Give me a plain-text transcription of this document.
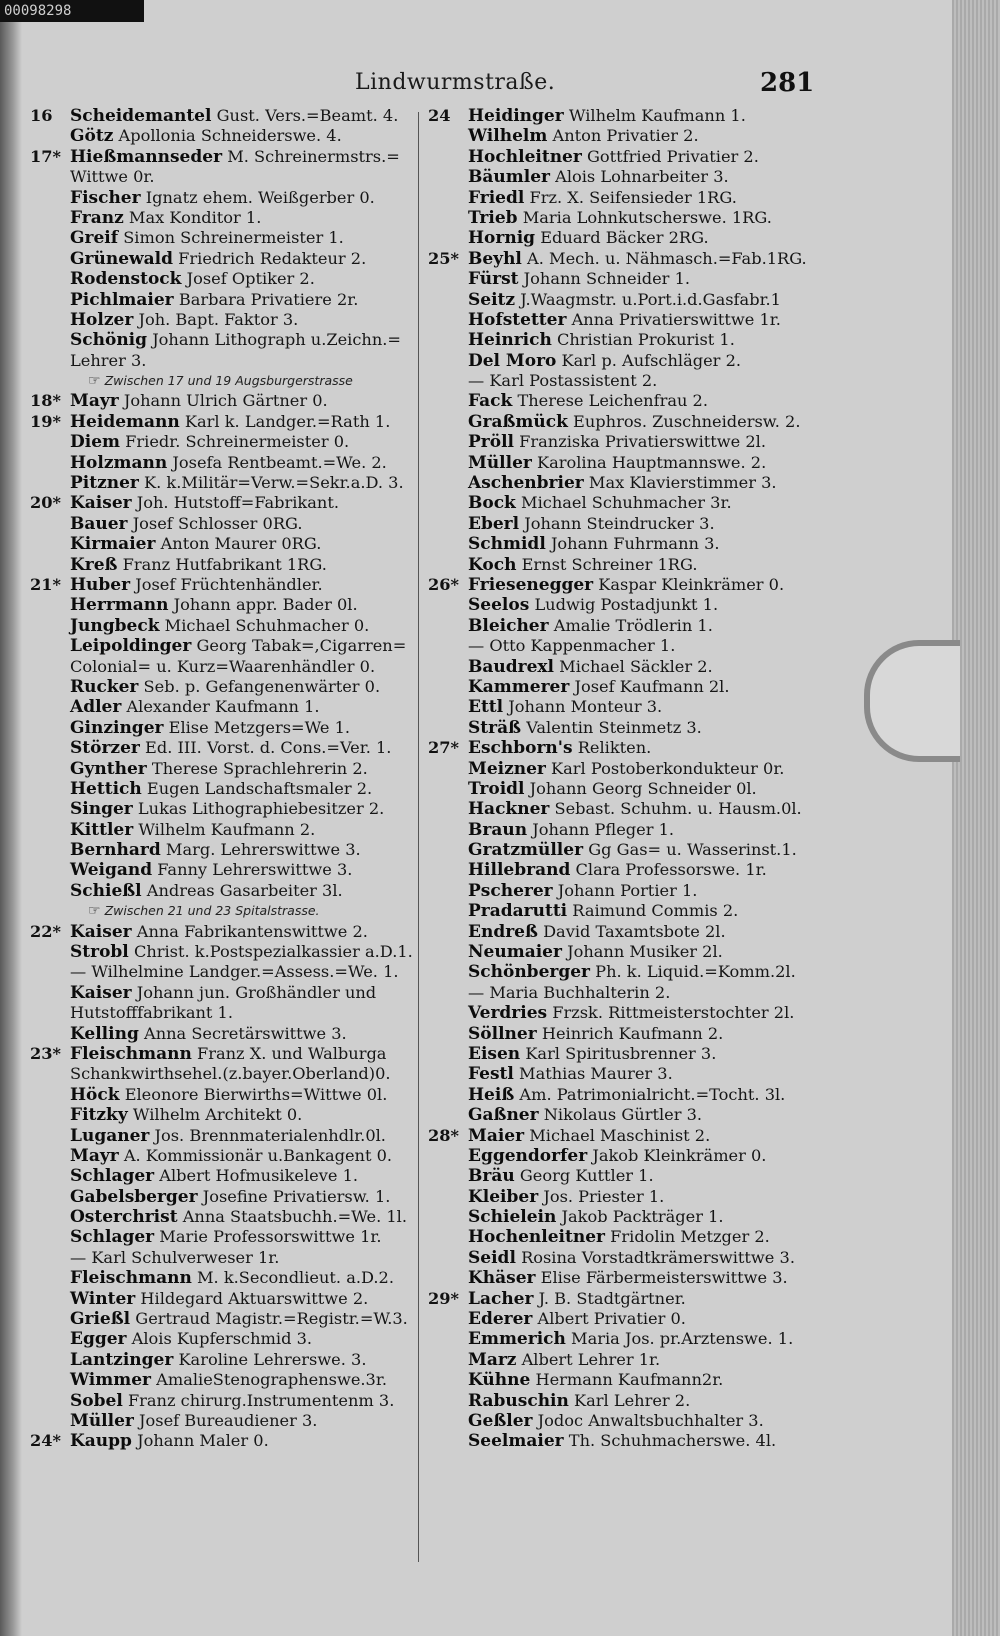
00098298
Lindwurmstraße.	281
16 Scheidemantel Gust. Vers.=Beamt. 4.
Götz Apollonia Schneiderswe. 4.
17* Hießmannseder M. Schreinermstrs.=
Wittwe 0r.
Fischer Ignatz ehem. Weißgerber 0.
Franz Max Konditor 1.
Greif Simon Schreinermeister 1.
Grünewald Friedrich Redakteur 2.
Rodenstock Josef Optiker 2.
Pichlmaier Barbara Privatiere 2r.
Holzer Joh. Bapt. Faktor 3.
Schönig Johann Lithograph u.Zeichn.=
Lehrer 3.
☞ Zwischen 17 und 19 Augsburgerstrasse
18* Mayr Johann Ulrich Gärtner 0.
19* Heidemann Karl k. Landger.=Rath 1.
Diem Friedr. Schreinermeister 0.
Holzmann Josefa Rentbeamt.=We. 2.
Pitzner K. k.Militär=Verw.=Sekr.a.D. 3.
20* Kaiser Joh. Hutstoff=Fabrikant.
Bauer Josef Schlosser 0RG.
Kirmaier Anton Maurer 0RG.
Kreß Franz Hutfabrikant 1RG.
21* Huber Josef Früchtenhändler.
Herrmann Johann appr. Bader 0l.
Jungbeck Michael Schuhmacher 0.
Leipoldinger Georg Tabak=,Cigarren=
Colonial= u. Kurz=Waarenhändler 0.
Rucker Seb. p. Gefangenenwärter 0.
Adler Alexander Kaufmann 1.
Ginzinger Elise Metzgers=We 1.
Störzer Ed. III. Vorst. d. Cons.=Ver. 1.
Gynther Therese Sprachlehrerin 2.
Hettich Eugen Landschaftsmaler 2.
Singer Lukas Lithographiebesitzer 2.
Kittler Wilhelm Kaufmann 2.
Bernhard Marg. Lehrerswittwe 3.
Weigand Fanny Lehrerswittwe 3.
Schießl Andreas Gasarbeiter 3l.
☞ Zwischen 21 und 23 Spitalstrasse.
22* Kaiser Anna Fabrikantenswittwe 2.
Strobl Christ. k.Postspezialkassier a.D.1.
— Wilhelmine Landger.=Assess.=We. 1.
Kaiser Johann jun. Großhändler und
Hutstofffabrikant 1.
Kelling Anna Secretärswittwe 3.
23* Fleischmann Franz X. und Walburga
Schankwirthsehel.(z.bayer.Oberland)0.
Höck Eleonore Bierwirths=Wittwe 0l.
Fitzky Wilhelm Architekt 0.
Luganer Jos. Brennmaterialenhdlr.0l.
Mayr A. Kommissionär u.Bankagent 0.
Schlager Albert Hofmusikeleve 1.
Gabelsberger Josefine Privatiersw. 1.
Osterchrist Anna Staatsbuchh.=We. 1l.
Schlager Marie Professorswittwe 1r.
— Karl Schulverweser 1r.
Fleischmann M. k.Secondlieut. a.D.2.
Winter Hildegard Aktuarswittwe 2.
Grießl Gertraud Magistr.=Registr.=W.3.
Egger Alois Kupferschmid 3.
Lantzinger Karoline Lehrerswe. 3.
Wimmer AmalieStenographenswe.3r.
Sobel Franz chirurg.Instrumentenm 3.
Müller Josef Bureaudiener 3.
24* Kaupp Johann Maler 0.
24 Heidinger Wilhelm Kaufmann 1.
Wilhelm Anton Privatier 2.
Hochleitner Gottfried Privatier 2.
Bäumler Alois Lohnarbeiter 3.
Friedl Frz. X. Seifensieder 1RG.
Trieb Maria Lohnkutscherswe. 1RG.
Hornig Eduard Bäcker 2RG.
25* Beyhl A. Mech. u. Nähmasch.=Fab.1RG.
Fürst Johann Schneider 1.
Seitz J.Waagmstr. u.Port.i.d.Gasfabr.1
Hofstetter Anna Privatierswittwe 1r.
Heinrich Christian Prokurist 1.
Del Moro Karl p. Aufschläger 2.
— Karl Postassistent 2.
Fack Therese Leichenfrau 2.
Graßmück Euphros. Zuschneidersw. 2.
Pröll Franziska Privatierswittwe 2l.
Müller Karolina Hauptmannswe. 2.
Aschenbrier Max Klavierstimmer 3.
Bock Michael Schuhmacher 3r.
Eberl Johann Steindrucker 3.
Schmidl Johann Fuhrmann 3.
Koch Ernst Schreiner 1RG.
26* Friesenegger Kaspar Kleinkrämer 0.
Seelos Ludwig Postadjunkt 1.
Bleicher Amalie Trödlerin 1.
— Otto Kappenmacher 1.
Baudrexl Michael Säckler 2.
Kammerer Josef Kaufmann 2l.
Ettl Johann Monteur 3.
Sträß Valentin Steinmetz 3.
27* Eschborn's Relikten.
Meizner Karl Postoberkondukteur 0r.
Troidl Johann Georg Schneider 0l.
Hackner Sebast. Schuhm. u. Hausm.0l.
Braun Johann Pfleger 1.
Gratzmüller Gg Gas= u. Wasserinst.1.
Hillebrand Clara Professorswe. 1r.
Pscherer Johann Portier 1.
Pradarutti Raimund Commis 2.
Endreß David Taxamtsbote 2l.
Neumaier Johann Musiker 2l.
Schönberger Ph. k. Liquid.=Komm.2l.
— Maria Buchhalterin 2.
Verdries Frzsk. Rittmeisterstochter 2l.
Söllner Heinrich Kaufmann 2.
Eisen Karl Spiritusbrenner 3.
Festl Mathias Maurer 3.
Heiß Am. Patrimonialricht.=Tocht. 3l.
Gaßner Nikolaus Gürtler 3.
28* Maier Michael Maschinist 2.
Eggendorfer Jakob Kleinkrämer 0.
Bräu Georg Kuttler 1.
Kleiber Jos. Priester 1.
Schielein Jakob Packträger 1.
Hochenleitner Fridolin Metzger 2.
Seidl Rosina Vorstadtkrämerswittwe 3.
Khäser Elise Färbermeisterswittwe 3.
29* Lacher J. B. Stadtgärtner.
Ederer Albert Privatier 0.
Emmerich Maria Jos. pr.Arztenswe. 1.
Marz Albert Lehrer 1r.
Kühne Hermann Kaufmann2r.
Rabuschin Karl Lehrer 2.
Geßler Jodoc Anwaltsbuchhalter 3.
Seelmaier Th. Schuhmacherswe. 4l.
